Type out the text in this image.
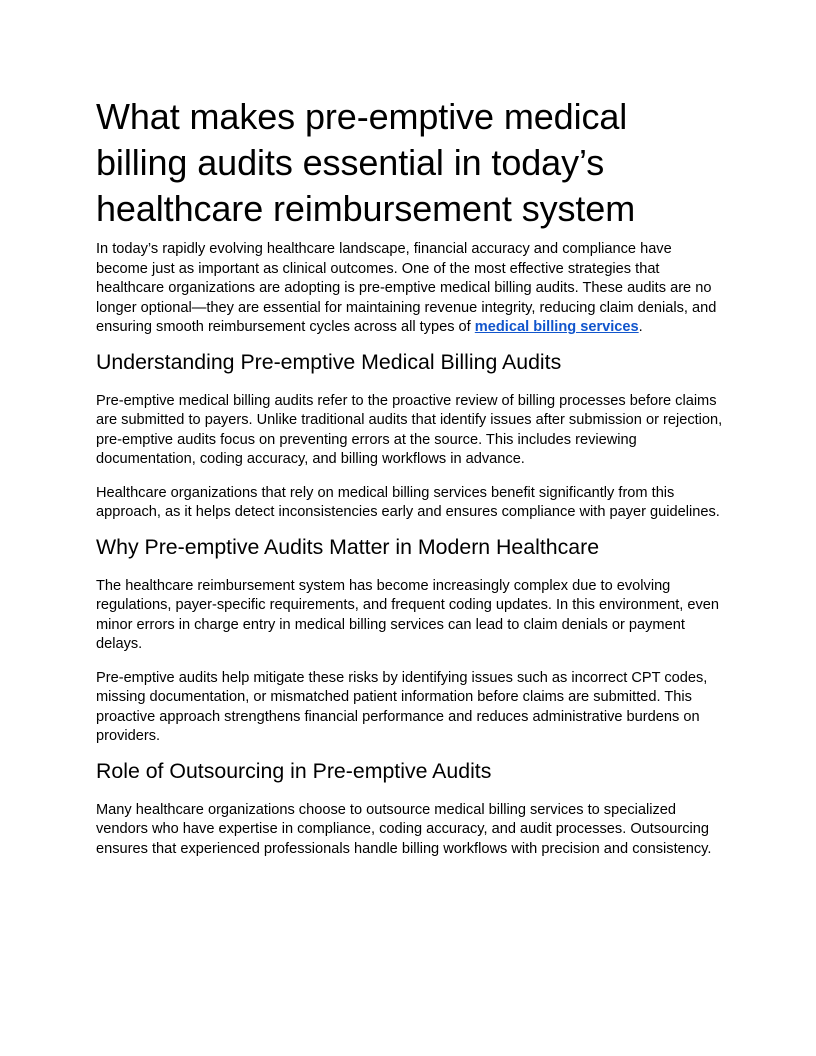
What makes pre-emptive medical billing audits essential in today’s healthcare reimbursement system

In today’s rapidly evolving healthcare landscape, financial accuracy and compliance have become just as important as clinical outcomes. One of the most effective strategies that healthcare organizations are adopting is pre-emptive medical billing audits. These audits are no longer optional—they are essential for maintaining revenue integrity, reducing claim denials, and ensuring smooth reimbursement cycles across all types of medical billing services.

Understanding Pre-emptive Medical Billing Audits

Pre-emptive medical billing audits refer to the proactive review of billing processes before claims are submitted to payers. Unlike traditional audits that identify issues after submission or rejection, pre-emptive audits focus on preventing errors at the source. This includes reviewing documentation, coding accuracy, and billing workflows in advance.

Healthcare organizations that rely on medical billing services benefit significantly from this approach, as it helps detect inconsistencies early and ensures compliance with payer guidelines.

Why Pre-emptive Audits Matter in Modern Healthcare

The healthcare reimbursement system has become increasingly complex due to evolving regulations, payer-specific requirements, and frequent coding updates. In this environment, even minor errors in charge entry in medical billing services can lead to claim denials or payment delays.

Pre-emptive audits help mitigate these risks by identifying issues such as incorrect CPT codes, missing documentation, or mismatched patient information before claims are submitted. This proactive approach strengthens financial performance and reduces administrative burdens on providers.

Role of Outsourcing in Pre-emptive Audits

Many healthcare organizations choose to outsource medical billing services to specialized vendors who have expertise in compliance, coding accuracy, and audit processes. Outsourcing ensures that experienced professionals handle billing workflows with precision and consistency.
